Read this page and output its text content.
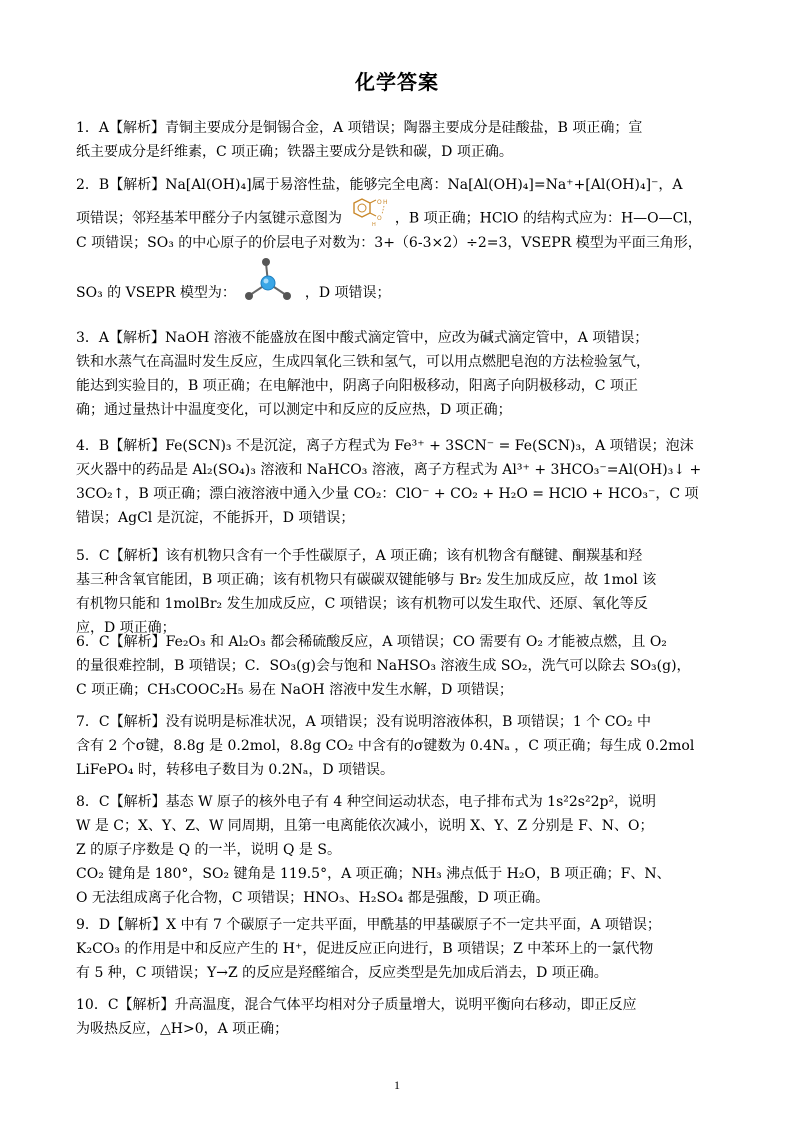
化学答案
1．A【解析】青铜主要成分是铜锡合金，A 项错误；陶器主要成分是硅酸盐，B 项正确；宣
纸主要成分是纤维素，C 项正确；铁器主要成分是铁和碳，D 项正确。
2．B【解析】Na[Al(OH)₄]属于易溶性盐，能够完全电离：Na[Al(OH)₄]=Na⁺+[Al(OH)₄]⁻，A
项错误；邻羟基苯甲醛分子内氢键示意图为
O H
O
H ，B 项正确；HClO 的结构式应为：H—O—Cl，
C 项错误；SO₃ 的中心原子的价层电子对数为：3+（6-3×2）÷2=3，VSEPR 模型为平面三角形，
SO₃ 的 VSEPR 模型为：	，D 项错误；
3．A【解析】NaOH 溶液不能盛放在图中酸式滴定管中，应改为碱式滴定管中，A 项错误；
铁和水蒸气在高温时发生反应，生成四氧化三铁和氢气，可以用点燃肥皂泡的方法检验氢气，
能达到实验目的，B 项正确；在电解池中，阴离子向阳极移动，阳离子向阴极移动，C 项正
确；通过量热计中温度变化，可以测定中和反应的反应热，D 项正确；
4．B【解析】Fe(SCN)₃ 不是沉淀，离子方程式为 Fe³⁺ + 3SCN⁻ = Fe(SCN)₃，A 项错误；泡沫
灭火器中的药品是 Al₂(SO₄)₃ 溶液和 NaHCO₃ 溶液，离子方程式为 Al³⁺ + 3HCO₃⁻=Al(OH)₃↓ +
3CO₂↑，B 项正确；漂白液溶液中通入少量 CO₂：ClO⁻ + CO₂ + H₂O = HClO + HCO₃⁻，C 项
错误；AgCl 是沉淀，不能拆开，D 项错误；
5．C【解析】该有机物只含有一个手性碳原子，A 项正确；该有机物含有醚键、酮羰基和羟
基三种含氧官能团，B 项正确；该有机物只有碳碳双键能够与 Br₂ 发生加成反应，故 1mol 该
有机物只能和 1molBr₂ 发生加成反应，C 项错误；该有机物可以发生取代、还原、氧化等反
应，D 项正确；
6．C【解析】Fe₂O₃ 和 Al₂O₃ 都会稀硫酸反应，A 项错误；CO 需要有 O₂ 才能被点燃，且 O₂
的量很难控制，B 项错误；C．SO₃(g)会与饱和 NaHSO₃ 溶液生成 SO₂，洗气可以除去 SO₃(g)，
C 项正确；CH₃COOC₂H₅ 易在 NaOH 溶液中发生水解，D 项错误；
7．C【解析】没有说明是标准状况，A 项错误；没有说明溶液体积，B 项错误；1 个 CO₂ 中
含有 2 个σ键，8.8g 是 0.2mol，8.8g CO₂ 中含有的σ键数为 0.4Nₐ ，C 项正确；每生成 0.2mol
LiFePO₄ 时，转移电子数目为 0.2Nₐ，D 项错误。
8．C【解析】基态 W 原子的核外电子有 4 种空间运动状态，电子排布式为 1s²2s²2p²，说明
W 是 C；X、Y、Z、W 同周期，且第一电离能依次减小，说明 X、Y、Z 分别是 F、N、O；
Z 的原子序数是 Q 的一半，说明 Q 是 S。
CO₂ 键角是 180°，SO₂ 键角是 119.5°，A 项正确；NH₃ 沸点低于 H₂O，B 项正确；F、N、
O 无法组成离子化合物，C 项错误；HNO₃、H₂SO₄ 都是强酸，D 项正确。
9．D【解析】X 中有 7 个碳原子一定共平面，甲酰基的甲基碳原子不一定共平面，A 项错误；
K₂CO₃ 的作用是中和反应产生的 H⁺，促进反应正向进行，B 项错误；Z 中苯环上的一氯代物
有 5 种，C 项错误；Y→Z 的反应是羟醛缩合，反应类型是先加成后消去，D 项正确。
10．C【解析】升高温度，混合气体平均相对分子质量增大，说明平衡向右移动，即正反应
为吸热反应，△H>0，A 项正确；
1
